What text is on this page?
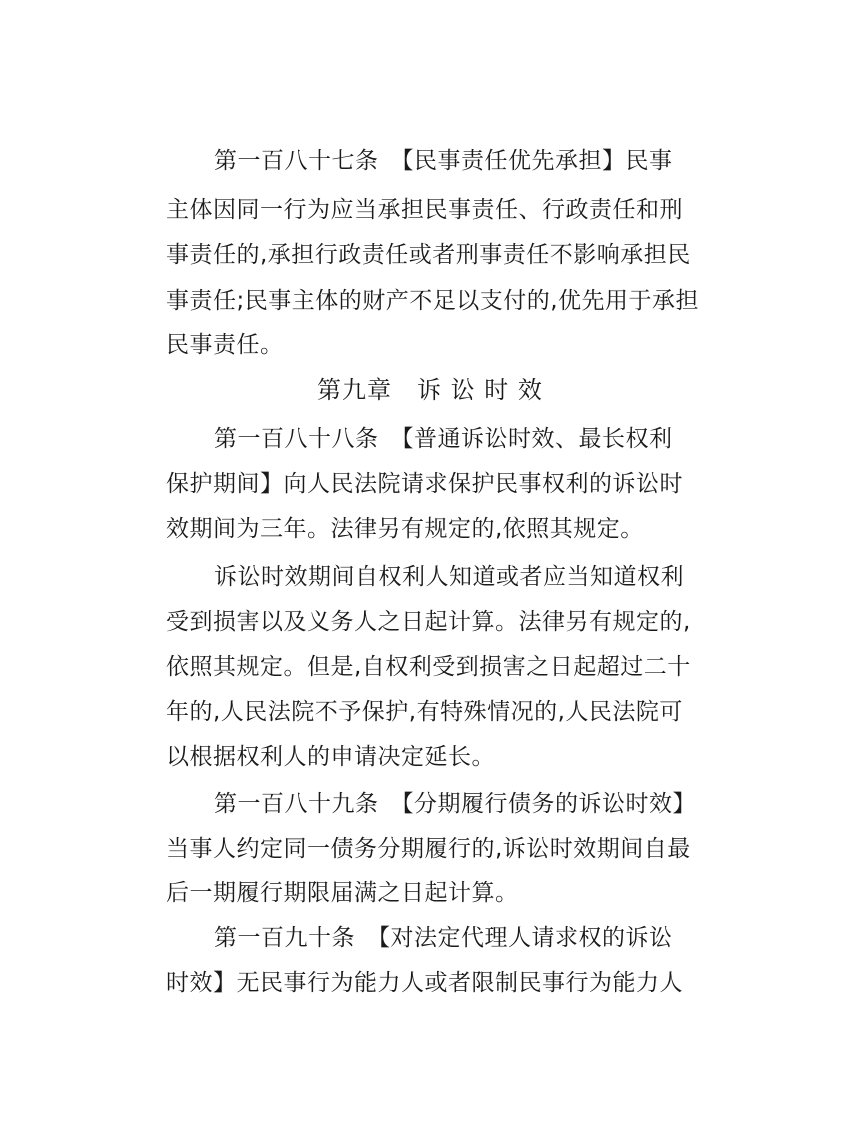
第一百八十七条　【民事责任优先承担】民事
主体因同一行为应当承担民事责任、行政责任和刑
事责任的,承担行政责任或者刑事责任不影响承担民
事责任;民事主体的财产不足以支付的,优先用于承担
民事责任。
第九章　诉 讼 时 效
第一百八十八条　【普通诉讼时效、最长权利
保护期间】向人民法院请求保护民事权利的诉讼时
效期间为三年。法律另有规定的,依照其规定。
诉讼时效期间自权利人知道或者应当知道权利
受到损害以及义务人之日起计算。法律另有规定的,
依照其规定。但是,自权利受到损害之日起超过二十
年的,人民法院不予保护,有特殊情况的,人民法院可
以根据权利人的申请决定延长。
第一百八十九条　【分期履行债务的诉讼时效】
当事人约定同一债务分期履行的,诉讼时效期间自最
后一期履行期限届满之日起计算。
第一百九十条　【对法定代理人请求权的诉讼
时效】无民事行为能力人或者限制民事行为能力人
